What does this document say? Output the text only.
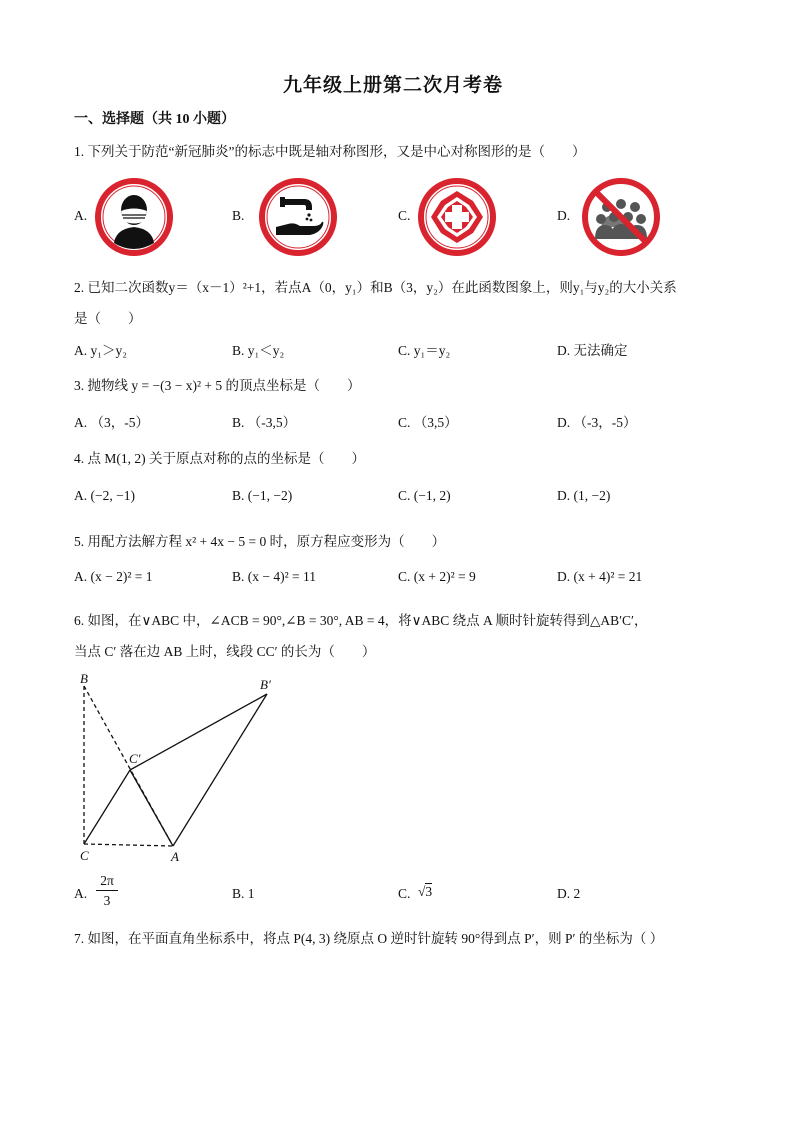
九年级上册第二次月考卷
一、选择题（共 10 小题）
1. 下列关于防范“新冠肺炎”的标志中既是轴对称图形，又是中心对称图形的是（　　）
A.	B.	C.	D.
2. 已知二次函数y＝（x－1）²+1，若点A（0，y₁）和B（3，y₂）在此函数图象上，则y₁与y₂的大小关系
是（　　）
A. y₁＞y₂	B. y₁＜y₂	C. y₁＝y₂	D. 无法确定
3. 抛物线 y = −(3 − x)² + 5 的顶点坐标是（　　）
A. （3，-5）	B. （-3,5）	C. （3,5）	D. （-3，-5）
4. 点 M(1, 2) 关于原点对称的点的坐标是（　　）
A. (−2, −1)	B. (−1, −2)	C. (−1, 2)	D. (1, −2)
5. 用配方法解方程 x² + 4x − 5 = 0 时，原方程应变形为（　　）
A. (x − 2)² = 1	B. (x − 4)² = 11	C. (x + 2)² = 9	D. (x + 4)² = 21
6. 如图，在∨ABC 中，∠ACB = 90°,∠B = 30°, AB = 4，将∨ABC 绕点 A 顺时针旋转得到△AB′C′，
当点 C′ 落在边 AB 上时，线段 CC′ 的长为（　　）
B	B′
C′
C	A
A. $\frac{2\pi}{3}$	B. 1	C. √3	D. 2
7. 如图，在平面直角坐标系中，将点 P(4, 3) 绕原点 O 逆时针旋转 90°得到点 P′，则 P′ 的坐标为（ ）
